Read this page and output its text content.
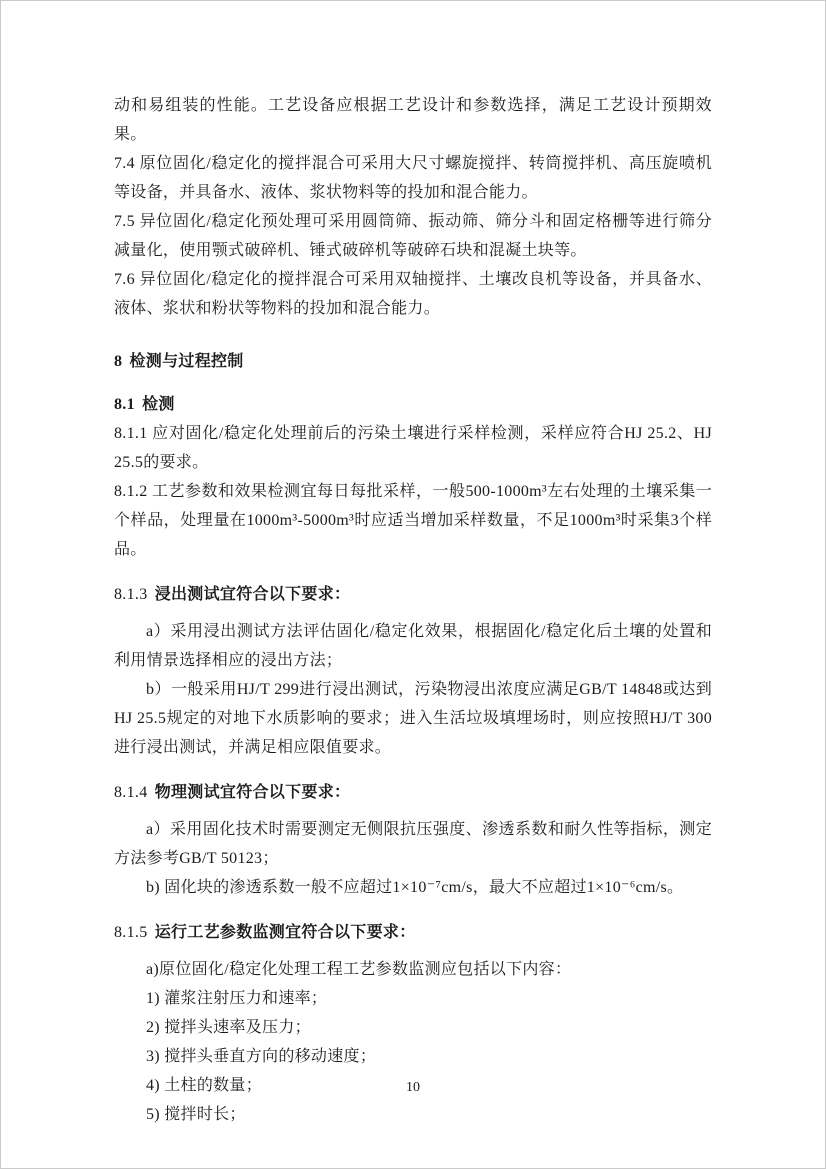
动和易组装的性能。工艺设备应根据工艺设计和参数选择，满足工艺设计预期效果。

7.4 原位固化/稳定化的搅拌混合可采用大尺寸螺旋搅拌、转筒搅拌机、高压旋喷机等设备，并具备水、液体、浆状物料等的投加和混合能力。

7.5 异位固化/稳定化预处理可采用圆筒筛、振动筛、筛分斗和固定格栅等进行筛分减量化，使用颚式破碎机、锤式破碎机等破碎石块和混凝土块等。

7.6 异位固化/稳定化的搅拌混合可采用双轴搅拌、土壤改良机等设备，并具备水、液体、浆状和粉状等物料的投加和混合能力。

8 检测与过程控制
8.1 检测

8.1.1 应对固化/稳定化处理前后的污染土壤进行采样检测，采样应符合HJ 25.2、HJ 25.5的要求。

8.1.2 工艺参数和效果检测宜每日每批采样，一般500-1000m³左右处理的土壤采集一个样品，处理量在1000m³-5000m³时应适当增加采样数量，不足1000m³时采集3个样品。

8.1.3 浸出测试宜符合以下要求：

a）采用浸出测试方法评估固化/稳定化效果，根据固化/稳定化后土壤的处置和利用情景选择相应的浸出方法；

b）一般采用HJ/T 299进行浸出测试，污染物浸出浓度应满足GB/T 14848或达到HJ 25.5规定的对地下水质影响的要求；进入生活垃圾填埋场时，则应按照HJ/T 300进行浸出测试，并满足相应限值要求。

8.1.4 物理测试宜符合以下要求：

a）采用固化技术时需要测定无侧限抗压强度、渗透系数和耐久性等指标，测定方法参考GB/T 50123；

b) 固化块的渗透系数一般不应超过1×10⁻⁷cm/s，最大不应超过1×10⁻⁶cm/s。

8.1.5 运行工艺参数监测宜符合以下要求：

a)原位固化/稳定化处理工程工艺参数监测应包括以下内容：

1) 灌浆注射压力和速率；

2) 搅拌头速率及压力；

3) 搅拌头垂直方向的移动速度；

4) 土柱的数量；

5) 搅拌时长；

10
